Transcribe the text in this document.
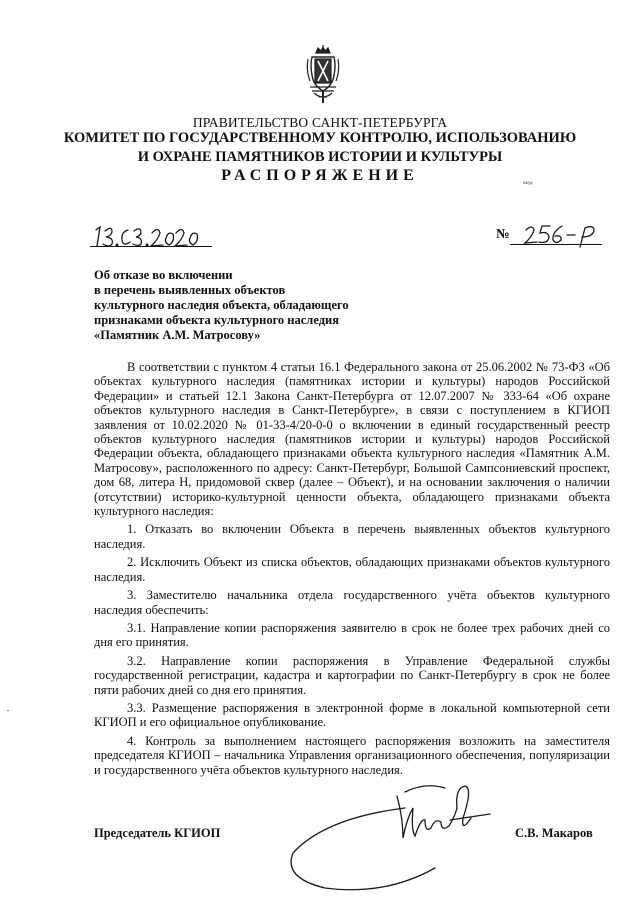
ПРАВИТЕЛЬСТВО САНКТ-ПЕТЕРБУРГА
КОМИТЕТ ПО ГОСУДАРСТВЕННОМУ КОНТРОЛЮ, ИСПОЛЬЗОВАНИЮ
И ОХРАНЕ ПАМЯТНИКОВ ИСТОРИИ И КУЛЬТУРЫ
РАСПОРЯЖЕНИЕ	окуд
№
Об отказе во включении
в перечень выявленных объектов
культурного наследия объекта, обладающего
признаками объекта культурного наследия
«Памятник А.М. Матросову»

В соответствии с пунктом 4 статьи 16.1 Федерального закона от 25.06.2002 № 73-ФЗ «Об объектах культурного наследия (памятниках истории и культуры) народов Российской Федерации» и статьей 12.1 Закона Санкт-Петербурга от 12.07.2007 № 333-64 «Об охране объектов культурного наследия в Санкт-Петербурге», в связи с поступлением в КГИОП заявления от 10.02.2020 № 01-33-4/20-0-0 о включении в единый государственный реестр объектов культурного наследия (памятников истории и культуры) народов Российской Федерации объекта, обладающего признаками объекта культурного наследия «Памятник А.М. Матросову», расположенного по адресу: Санкт-Петербург, Большой Сампсониевский проспект, дом 68, литера Н, придомовой сквер (далее – Объект), и на основании заключения о наличии (отсутствии) историко-культурной ценности объекта, обладающего признаками объекта культурного наследия:

1. Отказать во включении Объекта в перечень выявленных объектов культурного наследия.

2. Исключить Объект из списка объектов, обладающих признаками объектов культурного наследия.

3. Заместителю начальника отдела государственного учёта объектов культурного наследия обеспечить:

3.1. Направление копии распоряжения заявителю в срок не более трех рабочих дней со дня его принятия.

3.2. Направление копии распоряжения в Управление Федеральной службы государственной регистрации, кадастра и картографии по Санкт-Петербургу в срок не более пяти рабочих дней со дня его принятия.

3.3. Размещение распоряжения в электронной форме в локальной компьютерной сети КГИОП и его официальное опубликование.

4. Контроль за выполнением настоящего распоряжения возложить на заместителя председателя КГИОП – начальника Управления организационного обеспечения, популяризации и государственного учёта объектов культурного наследия.

Председатель КГИОП	С.В. Макаров
